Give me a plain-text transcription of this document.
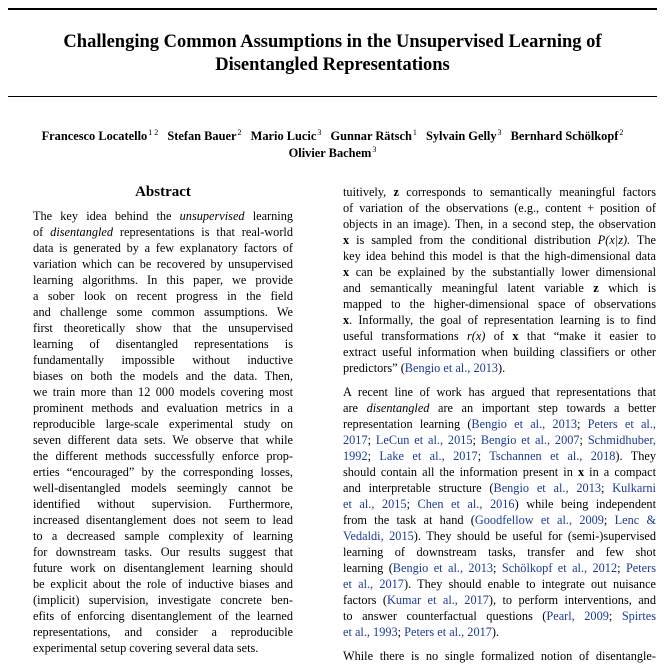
Challenging Common Assumptions in the Unsupervised Learning of
Disentangled Representations
Francesco Locatello$^{1 2}$ Stefan Bauer$^2$ Mario Lucic$^3$ Gunnar Rätsch$^1$ Sylvain Gelly$^3$ Bernhard Schölkopf$^2$
Olivier Bachem$^3$
Abstract
The key idea behind the unsupervised learning
of disentangled representations is that real-world
data is generated by a few explanatory factors of
variation which can be recovered by unsupervised
learning algorithms. In this paper, we provide
a sober look on recent progress in the field
and challenge some common assumptions. We
first theoretically show that the unsupervised
learning of disentangled representations is
fundamentally impossible without inductive
biases on both the models and the data. Then,
we train more than 12 000 models covering most
prominent methods and evaluation metrics in a
reproducible large-scale experimental study on
seven different data sets. We observe that while
the different methods successfully enforce prop-
erties “encouraged” by the corresponding losses,
well-disentangled models seemingly cannot be
identified without supervision. Furthermore,
increased disentanglement does not seem to lead
to a decreased sample complexity of learning
for downstream tasks. Our results suggest that
future work on disentanglement learning should
be explicit about the role of inductive biases and
(implicit) supervision, investigate concrete ben-
efits of enforcing disentanglement of the learned
representations, and consider a reproducible
experimental setup covering several data sets.
tuitively, z corresponds to semantically meaningful factors
of variation of the observations (e.g., content + position of
objects in an image). Then, in a second step, the observation
x is sampled from the conditional distribution P(x|z). The
key idea behind this model is that the high-dimensional data
x can be explained by the substantially lower dimensional
and semantically meaningful latent variable z which is
mapped to the higher-dimensional space of observations
x. Informally, the goal of representation learning is to find
useful transformations r(x) of x that “make it easier to
extract useful information when building classifiers or other
predictors” (Bengio et al., 2013).
A recent line of work has argued that representations that
are disentangled are an important step towards a better
representation learning (Bengio et al., 2013; Peters et al.,
2017; LeCun et al., 2015; Bengio et al., 2007; Schmidhuber,
1992; Lake et al., 2017; Tschannen et al., 2018). They
should contain all the information present in x in a compact
and interpretable structure (Bengio et al., 2013; Kulkarni
et al., 2015; Chen et al., 2016) while being independent
from the task at hand (Goodfellow et al., 2009; Lenc &
Vedaldi, 2015). They should be useful for (semi-)supervised
learning of downstream tasks, transfer and few shot
learning (Bengio et al., 2013; Schölkopf et al., 2012; Peters
et al., 2017). They should enable to integrate out nuisance
factors (Kumar et al., 2017), to perform interventions, and
to answer counterfactual questions (Pearl, 2009; Spirtes
et al., 1993; Peters et al., 2017).
While there is no single formalized notion of disentangle-
